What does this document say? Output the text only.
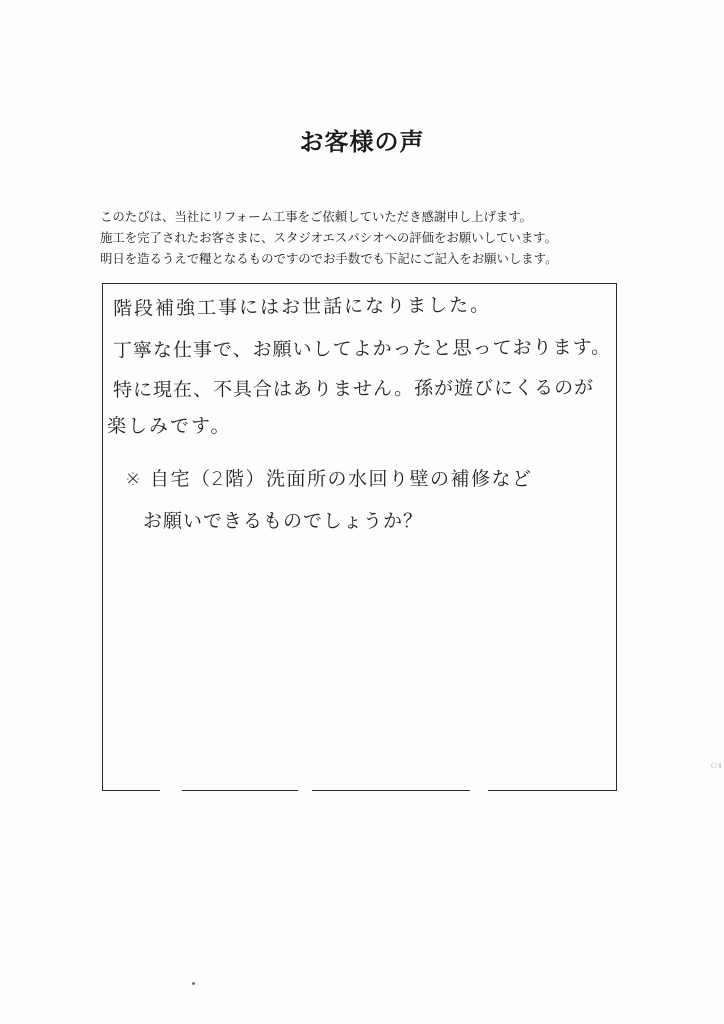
お客様の声

このたびは、当社にリフォーム工事をご依頼していただき感謝申し上げます。

施工を完了されたお客さまに、スタジオエスパシオへの評価をお願いしています。

明日を造るうえで糧となるものですのでお手数でも下記にご記入をお願いします。

階段補強工事にはお世話になりました。
丁寧な仕事で、お願いしてよかったと思っております。
特に現在、不具合はありません。孫が遊びにくるのが
楽しみです。
※ 自宅（2階）洗面所の水回り壁の補修など
お願いできるものでしょうか？
ঃ
